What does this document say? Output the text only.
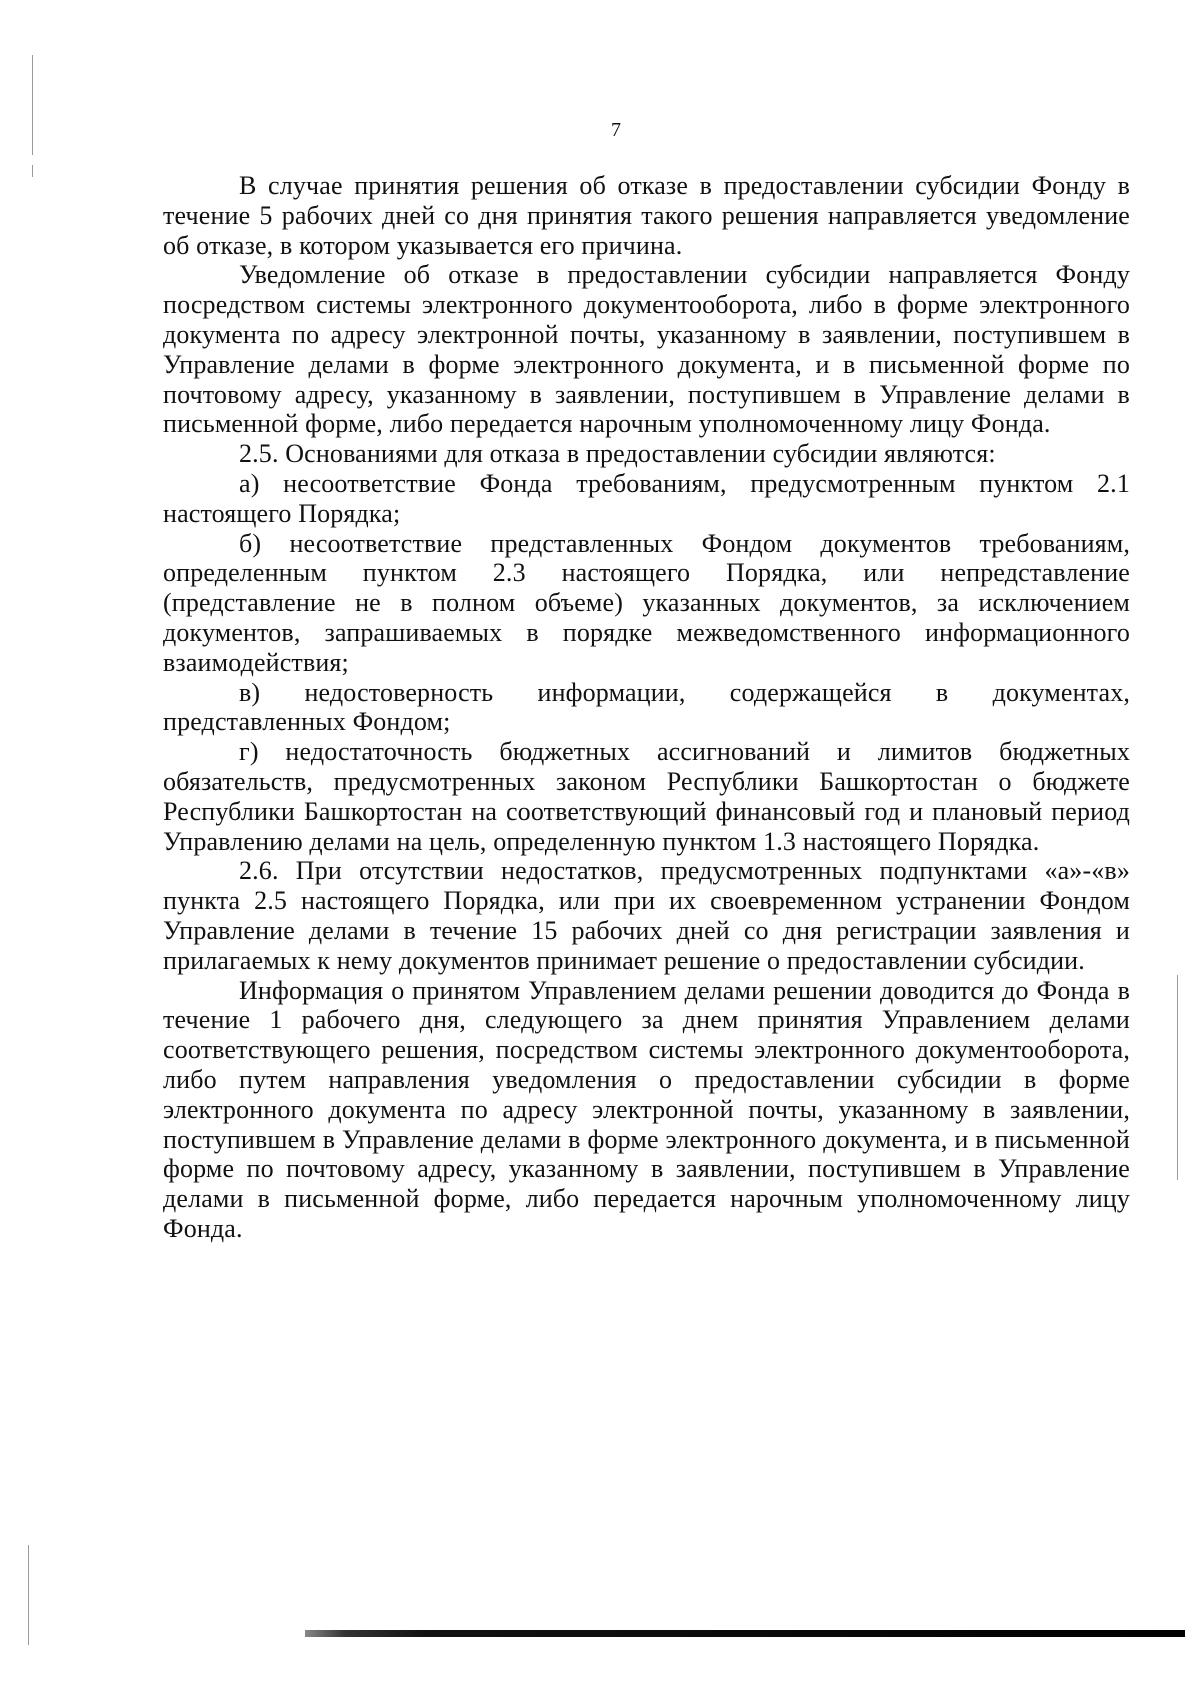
7

В случае принятия решения об отказе в предоставлении субсидии Фонду в течение 5 рабочих дней со дня принятия такого решения направляется уведомление об отказе, в котором указывается его причина.

Уведомление об отказе в предоставлении субсидии направляется Фонду посредством системы электронного документооборота, либо в форме электронного документа по адресу электронной почты, указанному в заявлении, поступившем в Управление делами в форме электронного документа, и в письменной форме по почтовому адресу, указанному в заявлении, поступившем в Управление делами в письменной форме, либо передается нарочным уполномоченному лицу Фонда.

2.5. Основаниями для отказа в предоставлении субсидии являются:

а) несоответствие Фонда требованиям, предусмотренным пунктом 2.1 настоящего Порядка;

б) несоответствие представленных Фондом документов требованиям, определенным пунктом 2.3 настоящего Порядка, или непредставление (представление не в полном объеме) указанных документов, за исключением документов, запрашиваемых в порядке межведомственного информационного взаимодействия;

в) недостоверность информации, содержащейся в документах, представленных Фондом;

г) недостаточность бюджетных ассигнований и лимитов бюджетных обязательств, предусмотренных законом Республики Башкортостан о бюджете Республики Башкортостан на соответствующий финансовый год и плановый период Управлению делами на цель, определенную пунктом 1.3 настоящего Порядка.

2.6. При отсутствии недостатков, предусмотренных подпунктами «а»-«в» пункта 2.5 настоящего Порядка, или при их своевременном устранении Фондом Управление делами в течение 15 рабочих дней со дня регистрации заявления и прилагаемых к нему документов принимает решение о предоставлении субсидии.

Информация о принятом Управлением делами решении доводится до Фонда в течение 1 рабочего дня, следующего за днем принятия Управлением делами соответствующего решения, посредством системы электронного документооборота, либо путем направления уведомления о предоставлении субсидии в форме электронного документа по адресу электронной почты, указанному в заявлении, поступившем в Управление делами в форме электронного документа, и в письменной форме по почтовому адресу, указанному в заявлении, поступившем в Управление делами в письменной форме, либо передается нарочным уполномоченному лицу Фонда.
